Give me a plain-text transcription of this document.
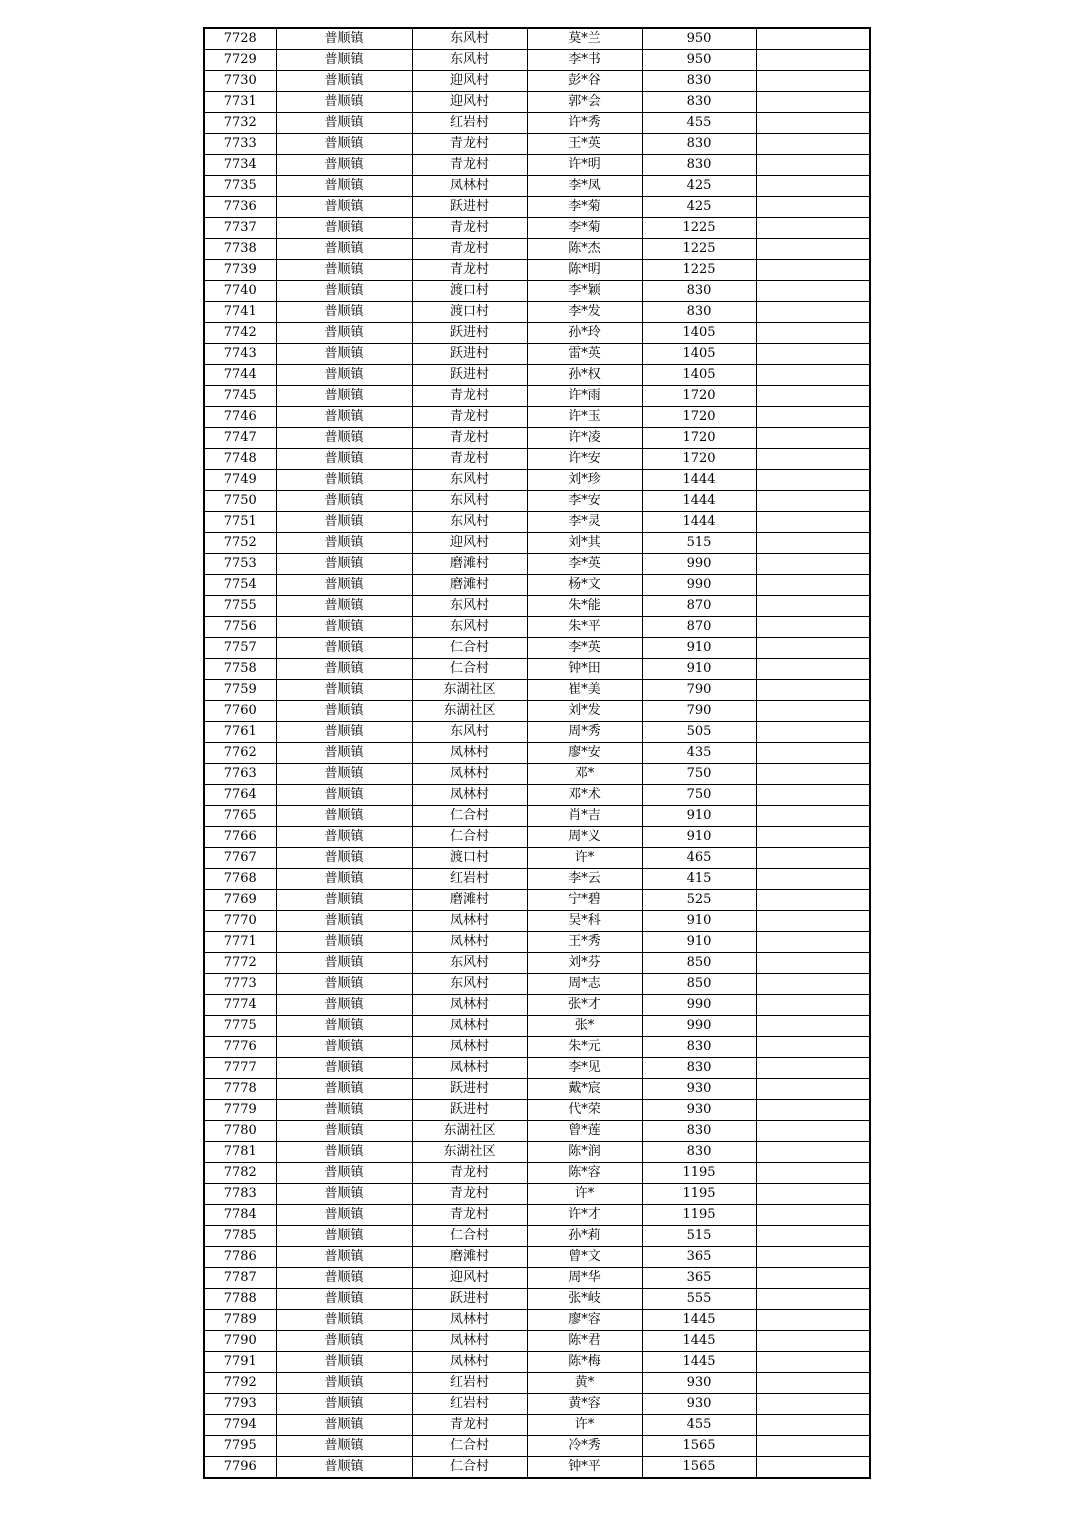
7728	普顺镇	东风村	莫*兰	950	
7729	普顺镇	东风村	李*书	950	
7730	普顺镇	迎风村	彭*谷	830	
7731	普顺镇	迎风村	郭*会	830	
7732	普顺镇	红岩村	许*秀	455	
7733	普顺镇	青龙村	王*英	830	
7734	普顺镇	青龙村	许*明	830	
7735	普顺镇	凤林村	李*凤	425	
7736	普顺镇	跃进村	李*菊	425	
7737	普顺镇	青龙村	李*菊	1225	
7738	普顺镇	青龙村	陈*杰	1225	
7739	普顺镇	青龙村	陈*明	1225	
7740	普顺镇	渡口村	李*颖	830	
7741	普顺镇	渡口村	李*发	830	
7742	普顺镇	跃进村	孙*玲	1405	
7743	普顺镇	跃进村	雷*英	1405	
7744	普顺镇	跃进村	孙*权	1405	
7745	普顺镇	青龙村	许*雨	1720	
7746	普顺镇	青龙村	许*玉	1720	
7747	普顺镇	青龙村	许*凌	1720	
7748	普顺镇	青龙村	许*安	1720	
7749	普顺镇	东风村	刘*珍	1444	
7750	普顺镇	东风村	李*安	1444	
7751	普顺镇	东风村	李*灵	1444	
7752	普顺镇	迎风村	刘*其	515	
7753	普顺镇	磨滩村	李*英	990	
7754	普顺镇	磨滩村	杨*文	990	
7755	普顺镇	东风村	朱*能	870	
7756	普顺镇	东风村	朱*平	870	
7757	普顺镇	仁合村	李*英	910	
7758	普顺镇	仁合村	钟*田	910	
7759	普顺镇	东湖社区	崔*美	790	
7760	普顺镇	东湖社区	刘*发	790	
7761	普顺镇	东风村	周*秀	505	
7762	普顺镇	凤林村	廖*安	435	
7763	普顺镇	凤林村	邓*	750	
7764	普顺镇	凤林村	邓*术	750	
7765	普顺镇	仁合村	肖*吉	910	
7766	普顺镇	仁合村	周*义	910	
7767	普顺镇	渡口村	许*	465	
7768	普顺镇	红岩村	李*云	415	
7769	普顺镇	磨滩村	宁*碧	525	
7770	普顺镇	凤林村	吴*科	910	
7771	普顺镇	凤林村	王*秀	910	
7772	普顺镇	东风村	刘*芬	850	
7773	普顺镇	东风村	周*志	850	
7774	普顺镇	凤林村	张*才	990	
7775	普顺镇	凤林村	张*	990	
7776	普顺镇	凤林村	朱*元	830	
7777	普顺镇	凤林村	李*见	830	
7778	普顺镇	跃进村	戴*宸	930	
7779	普顺镇	跃进村	代*荣	930	
7780	普顺镇	东湖社区	曾*莲	830	
7781	普顺镇	东湖社区	陈*润	830	
7782	普顺镇	青龙村	陈*容	1195	
7783	普顺镇	青龙村	许*	1195	
7784	普顺镇	青龙村	许*才	1195	
7785	普顺镇	仁合村	孙*莉	515	
7786	普顺镇	磨滩村	曾*文	365	
7787	普顺镇	迎风村	周*华	365	
7788	普顺镇	跃进村	张*岐	555	
7789	普顺镇	凤林村	廖*容	1445	
7790	普顺镇	凤林村	陈*君	1445	
7791	普顺镇	凤林村	陈*梅	1445	
7792	普顺镇	红岩村	黄*	930	
7793	普顺镇	红岩村	黄*容	930	
7794	普顺镇	青龙村	许*	455	
7795	普顺镇	仁合村	冷*秀	1565	
7796	普顺镇	仁合村	钟*平	1565	
